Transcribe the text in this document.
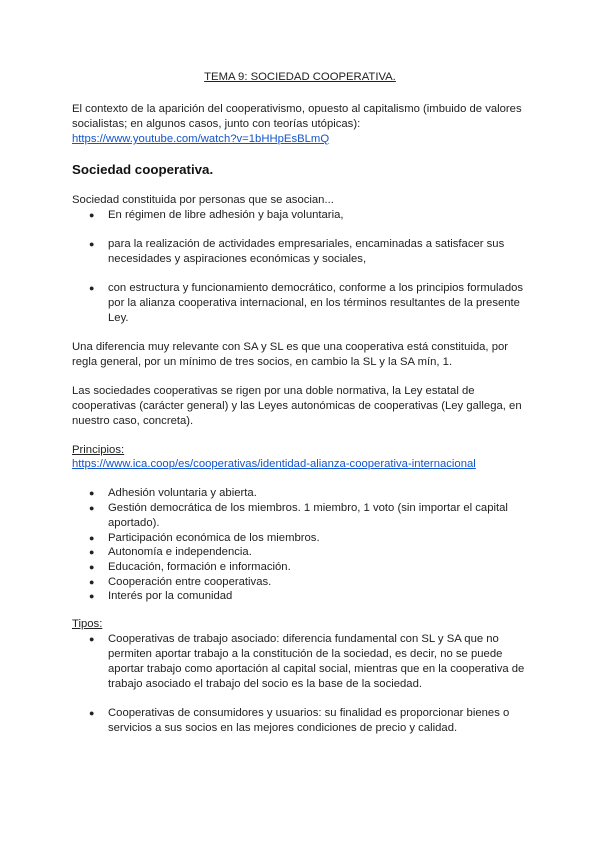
TEMA 9: SOCIEDAD COOPERATIVA.
El contexto de la aparición del cooperativismo, opuesto al capitalismo (imbuido de valores
socialistas; en algunos casos, junto con teorías utópicas):
https://www.youtube.com/watch?v=1bHHpEsBLmQ
Sociedad cooperativa.
Sociedad constituida por personas que se asocian...
● En régimen de libre adhesión y baja voluntaria,
● para la realización de actividades empresariales, encaminadas a satisfacer sus
necesidades y aspiraciones económicas y sociales,
● con estructura y funcionamiento democrático, conforme a los principios formulados
por la alianza cooperativa internacional, en los términos resultantes de la presente
Ley.
Una diferencia muy relevante con SA y SL es que una cooperativa está constituida, por
regla general, por un mínimo de tres socios, en cambio la SL y la SA mín, 1.
Las sociedades cooperativas se rigen por una doble normativa, la Ley estatal de
cooperativas (carácter general) y las Leyes autonómicas de cooperativas (Ley gallega, en
nuestro caso, concreta).
Principios:
https://www.ica.coop/es/cooperativas/identidad-alianza-cooperativa-internacional
● Adhesión voluntaria y abierta.
● Gestión democrática de los miembros. 1 miembro, 1 voto (sin importar el capital
aportado).
● Participación económica de los miembros.
● Autonomía e independencia.
● Educación, formación e información.
● Cooperación entre cooperativas.
● Interés por la comunidad
Tipos:
● Cooperativas de trabajo asociado: diferencia fundamental con SL y SA que no
permiten aportar trabajo a la constitución de la sociedad, es decir, no se puede
aportar trabajo como aportación al capital social, mientras que en la cooperativa de
trabajo asociado el trabajo del socio es la base de la sociedad.
● Cooperativas de consumidores y usuarios: su finalidad es proporcionar bienes o
servicios a sus socios en las mejores condiciones de precio y calidad.
